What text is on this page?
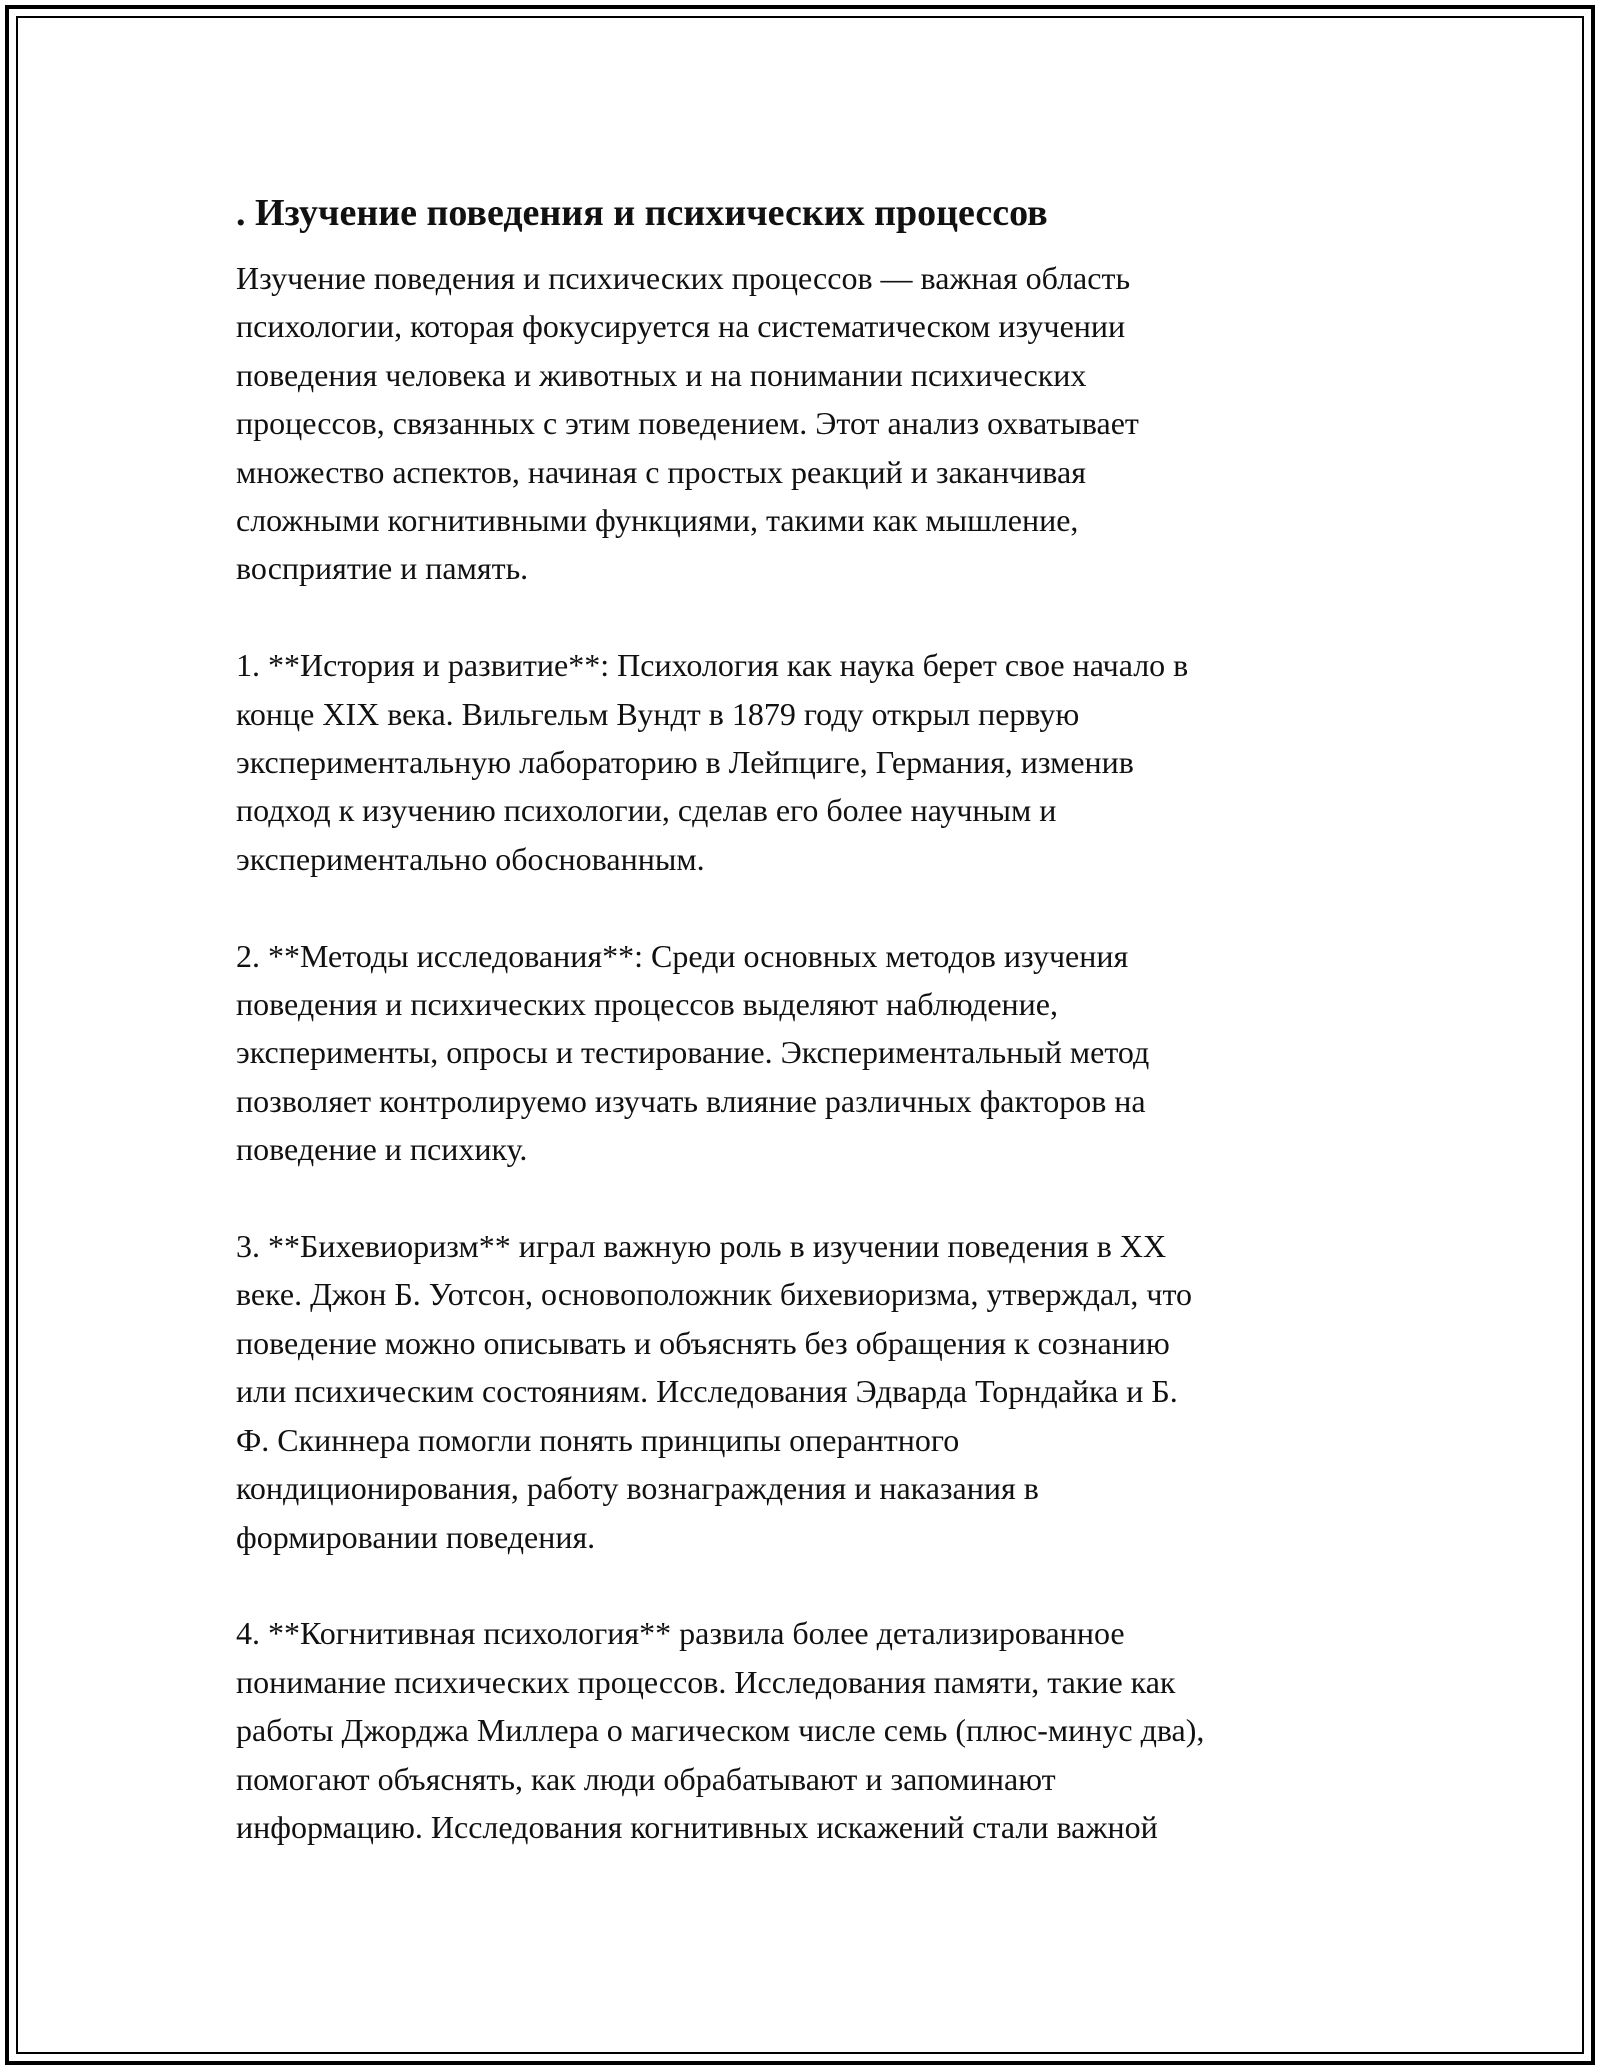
. Изучение поведения и психических процессов
Изучение поведения и психических процессов — важная область
психологии, которая фокусируется на систематическом изучении
поведения человека и животных и на понимании психических
процессов, связанных с этим поведением. Этот анализ охватывает
множество аспектов, начиная с простых реакций и заканчивая
сложными когнитивными функциями, такими как мышление,
восприятие и память.
1. **История и развитие**: Психология как наука берет свое начало в
конце XIX века. Вильгельм Вундт в 1879 году открыл первую
экспериментальную лабораторию в Лейпциге, Германия, изменив
подход к изучению психологии, сделав его более научным и
экспериментально обоснованным.
2. **Методы исследования**: Среди основных методов изучения
поведения и психических процессов выделяют наблюдение,
эксперименты, опросы и тестирование. Экспериментальный метод
позволяет контролируемо изучать влияние различных факторов на
поведение и психику.
3. **Бихевиоризм** играл важную роль в изучении поведения в XX
веке. Джон Б. Уотсон, основоположник бихевиоризма, утверждал, что
поведение можно описывать и объяснять без обращения к сознанию
или психическим состояниям. Исследования Эдварда Торндайка и Б.
Ф. Скиннера помогли понять принципы оперантного
кондиционирования, работу вознаграждения и наказания в
формировании поведения.
4. **Когнитивная психология** развила более детализированное
понимание психических процессов. Исследования памяти, такие как
работы Джорджа Миллера о магическом числе семь (плюс-минус два),
помогают объяснять, как люди обрабатывают и запоминают
информацию. Исследования когнитивных искажений стали важной
